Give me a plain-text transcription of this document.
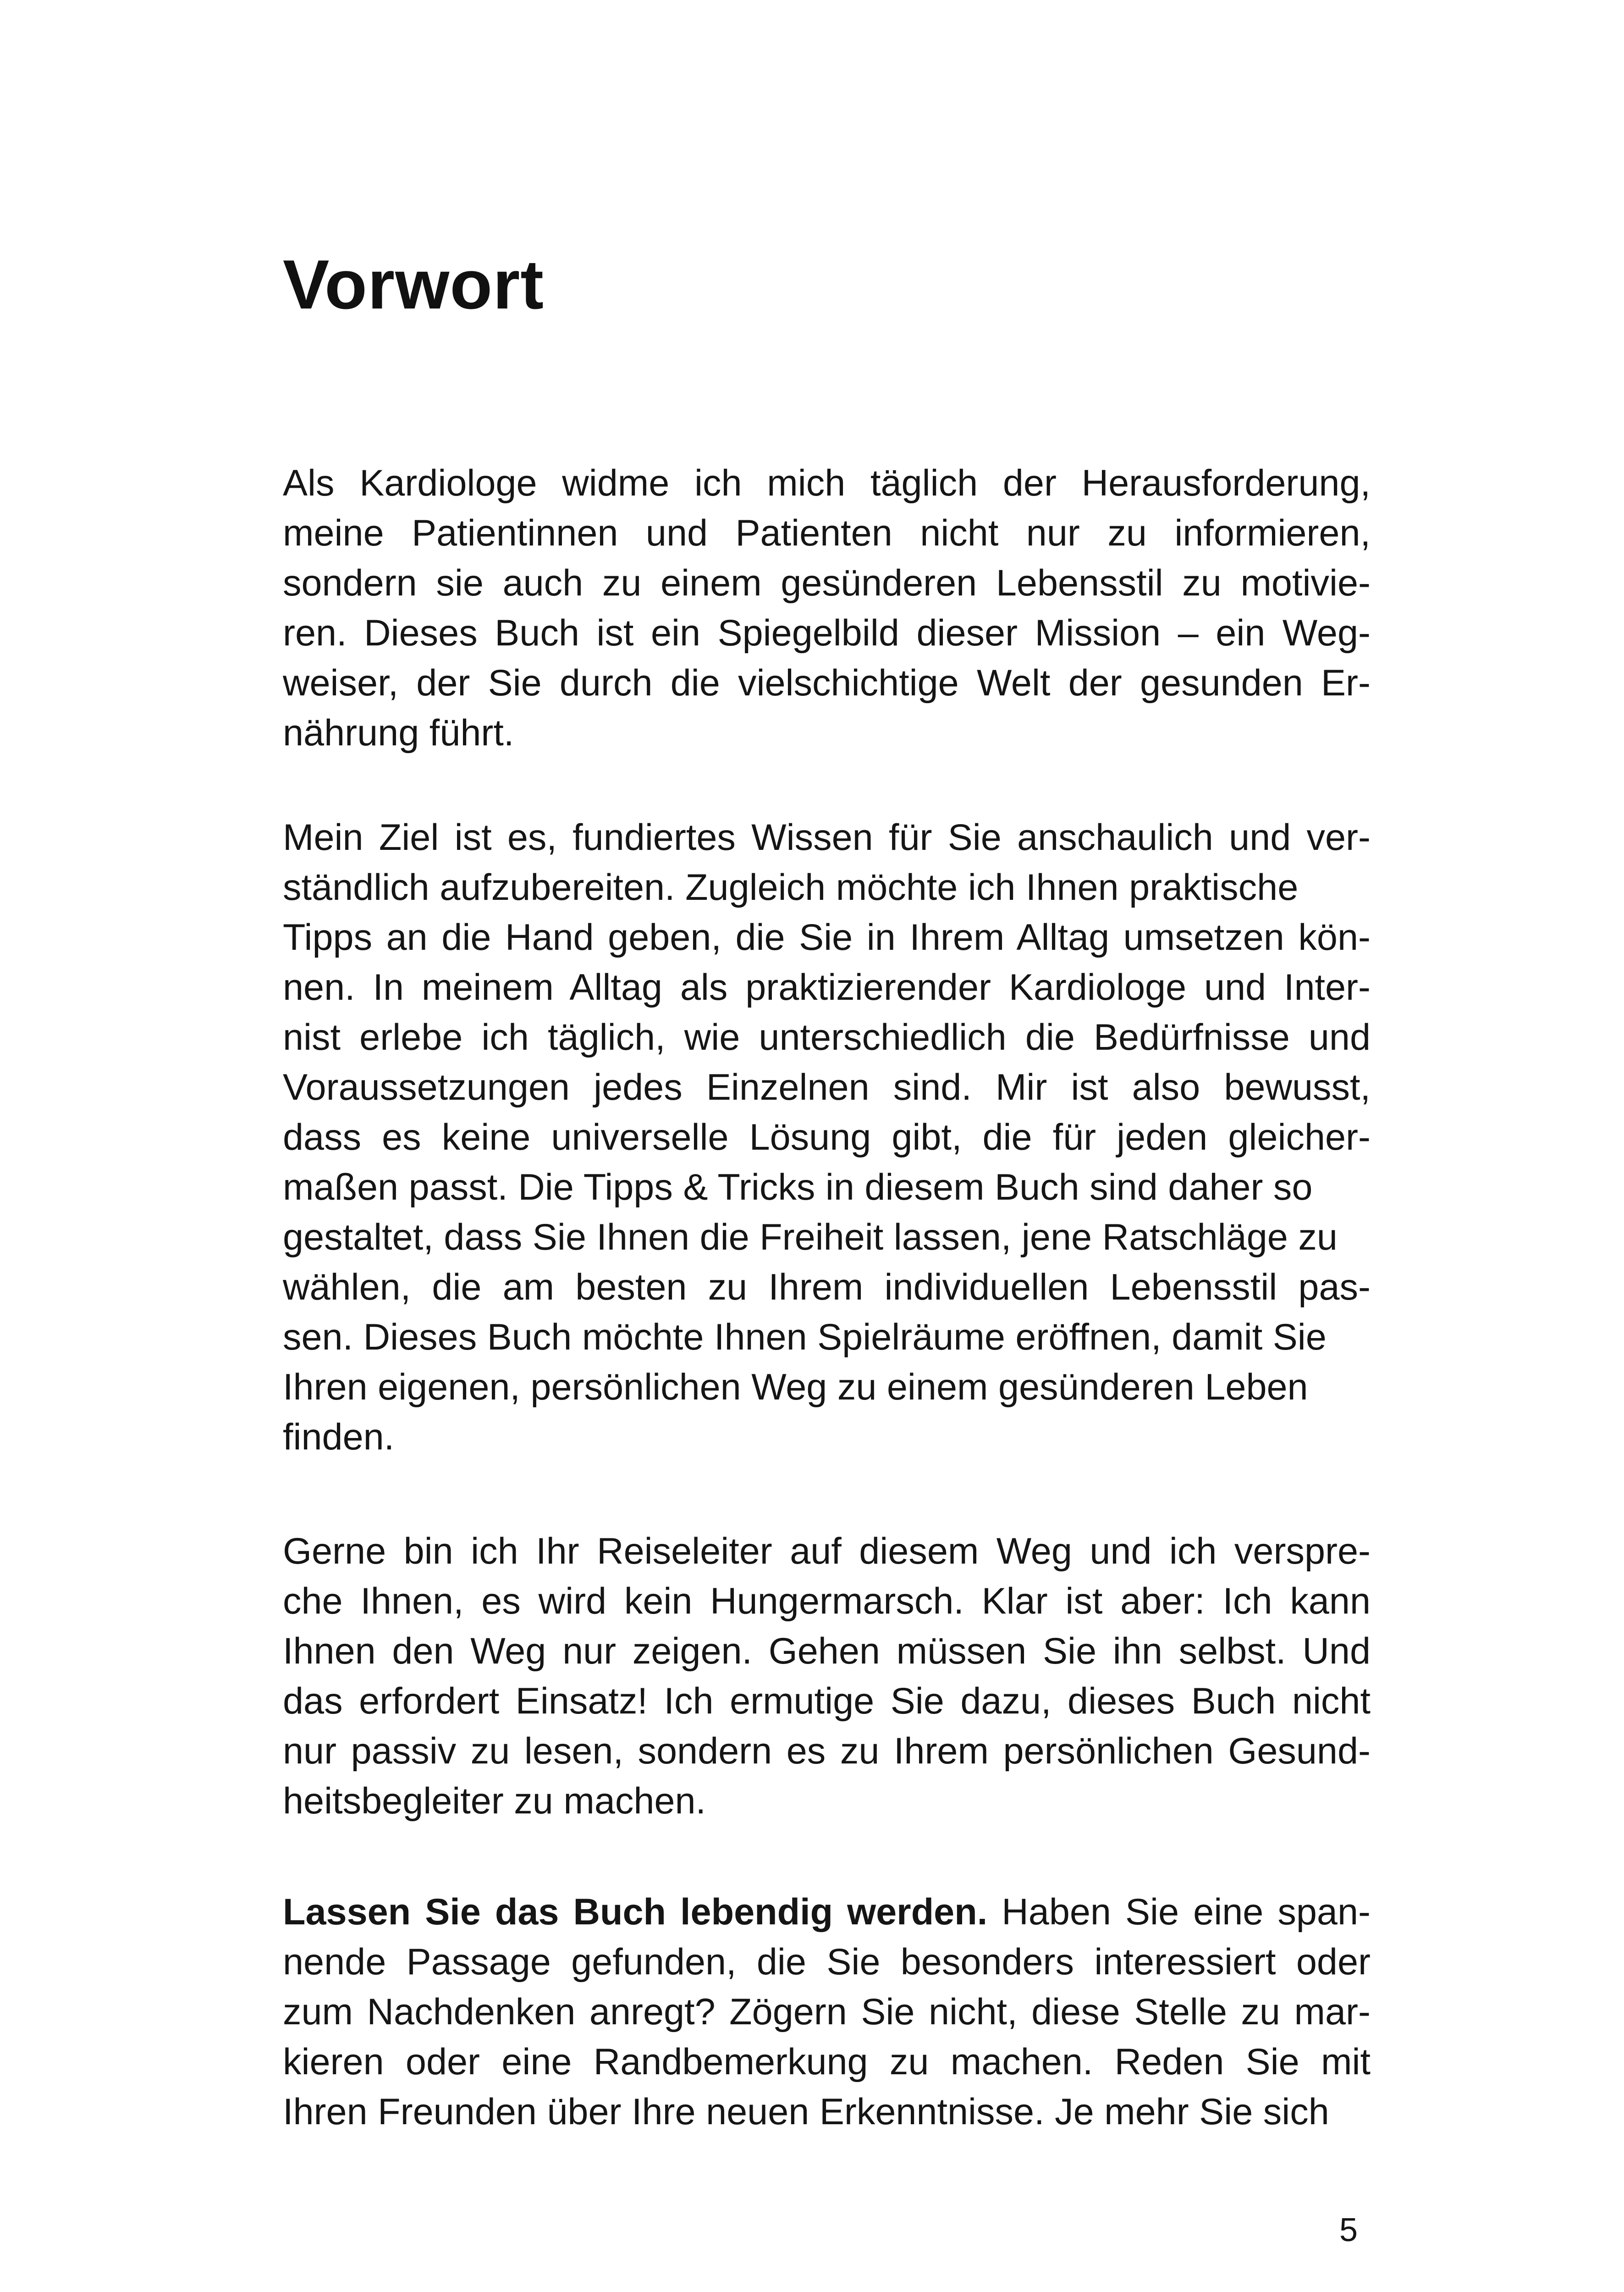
Vorwort
Als Kardiologe widme ich mich täglich der Herausforderung,
meine Patientinnen und Patienten nicht nur zu informieren,
sondern sie auch zu einem gesünderen Lebensstil zu motivie-
ren. Dieses Buch ist ein Spiegelbild dieser Mission – ein Weg-
weiser, der Sie durch die vielschichtige Welt der gesunden Er-
nährung führt.
Mein Ziel ist es, fundiertes Wissen für Sie anschaulich und ver-
ständlich aufzubereiten. Zugleich möchte ich Ihnen praktische
Tipps an die Hand geben, die Sie in Ihrem Alltag umsetzen kön-
nen. In meinem Alltag als praktizierender Kardiologe und Inter-
nist erlebe ich täglich, wie unterschiedlich die Bedürfnisse und
Voraussetzungen jedes Einzelnen sind. Mir ist also bewusst,
dass es keine universelle Lösung gibt, die für jeden gleicher-
maßen passt. Die Tipps & Tricks in diesem Buch sind daher so
gestaltet, dass Sie Ihnen die Freiheit lassen, jene Ratschläge zu
wählen, die am besten zu Ihrem individuellen Lebensstil pas-
sen. Dieses Buch möchte Ihnen Spielräume eröffnen, damit Sie
Ihren eigenen, persönlichen Weg zu einem gesünderen Leben
finden.
Gerne bin ich Ihr Reiseleiter auf diesem Weg und ich verspre-
che Ihnen, es wird kein Hungermarsch. Klar ist aber: Ich kann
Ihnen den Weg nur zeigen. Gehen müssen Sie ihn selbst. Und
das erfordert Einsatz! Ich ermutige Sie dazu, dieses Buch nicht
nur passiv zu lesen, sondern es zu Ihrem persönlichen Gesund-
heitsbegleiter zu machen.
Lassen Sie das Buch lebendig werden. Haben Sie eine span-
nende Passage gefunden, die Sie besonders interessiert oder
zum Nachdenken anregt? Zögern Sie nicht, diese Stelle zu mar-
kieren oder eine Randbemerkung zu machen. Reden Sie mit
Ihren Freunden über Ihre neuen Erkenntnisse. Je mehr Sie sich
5
